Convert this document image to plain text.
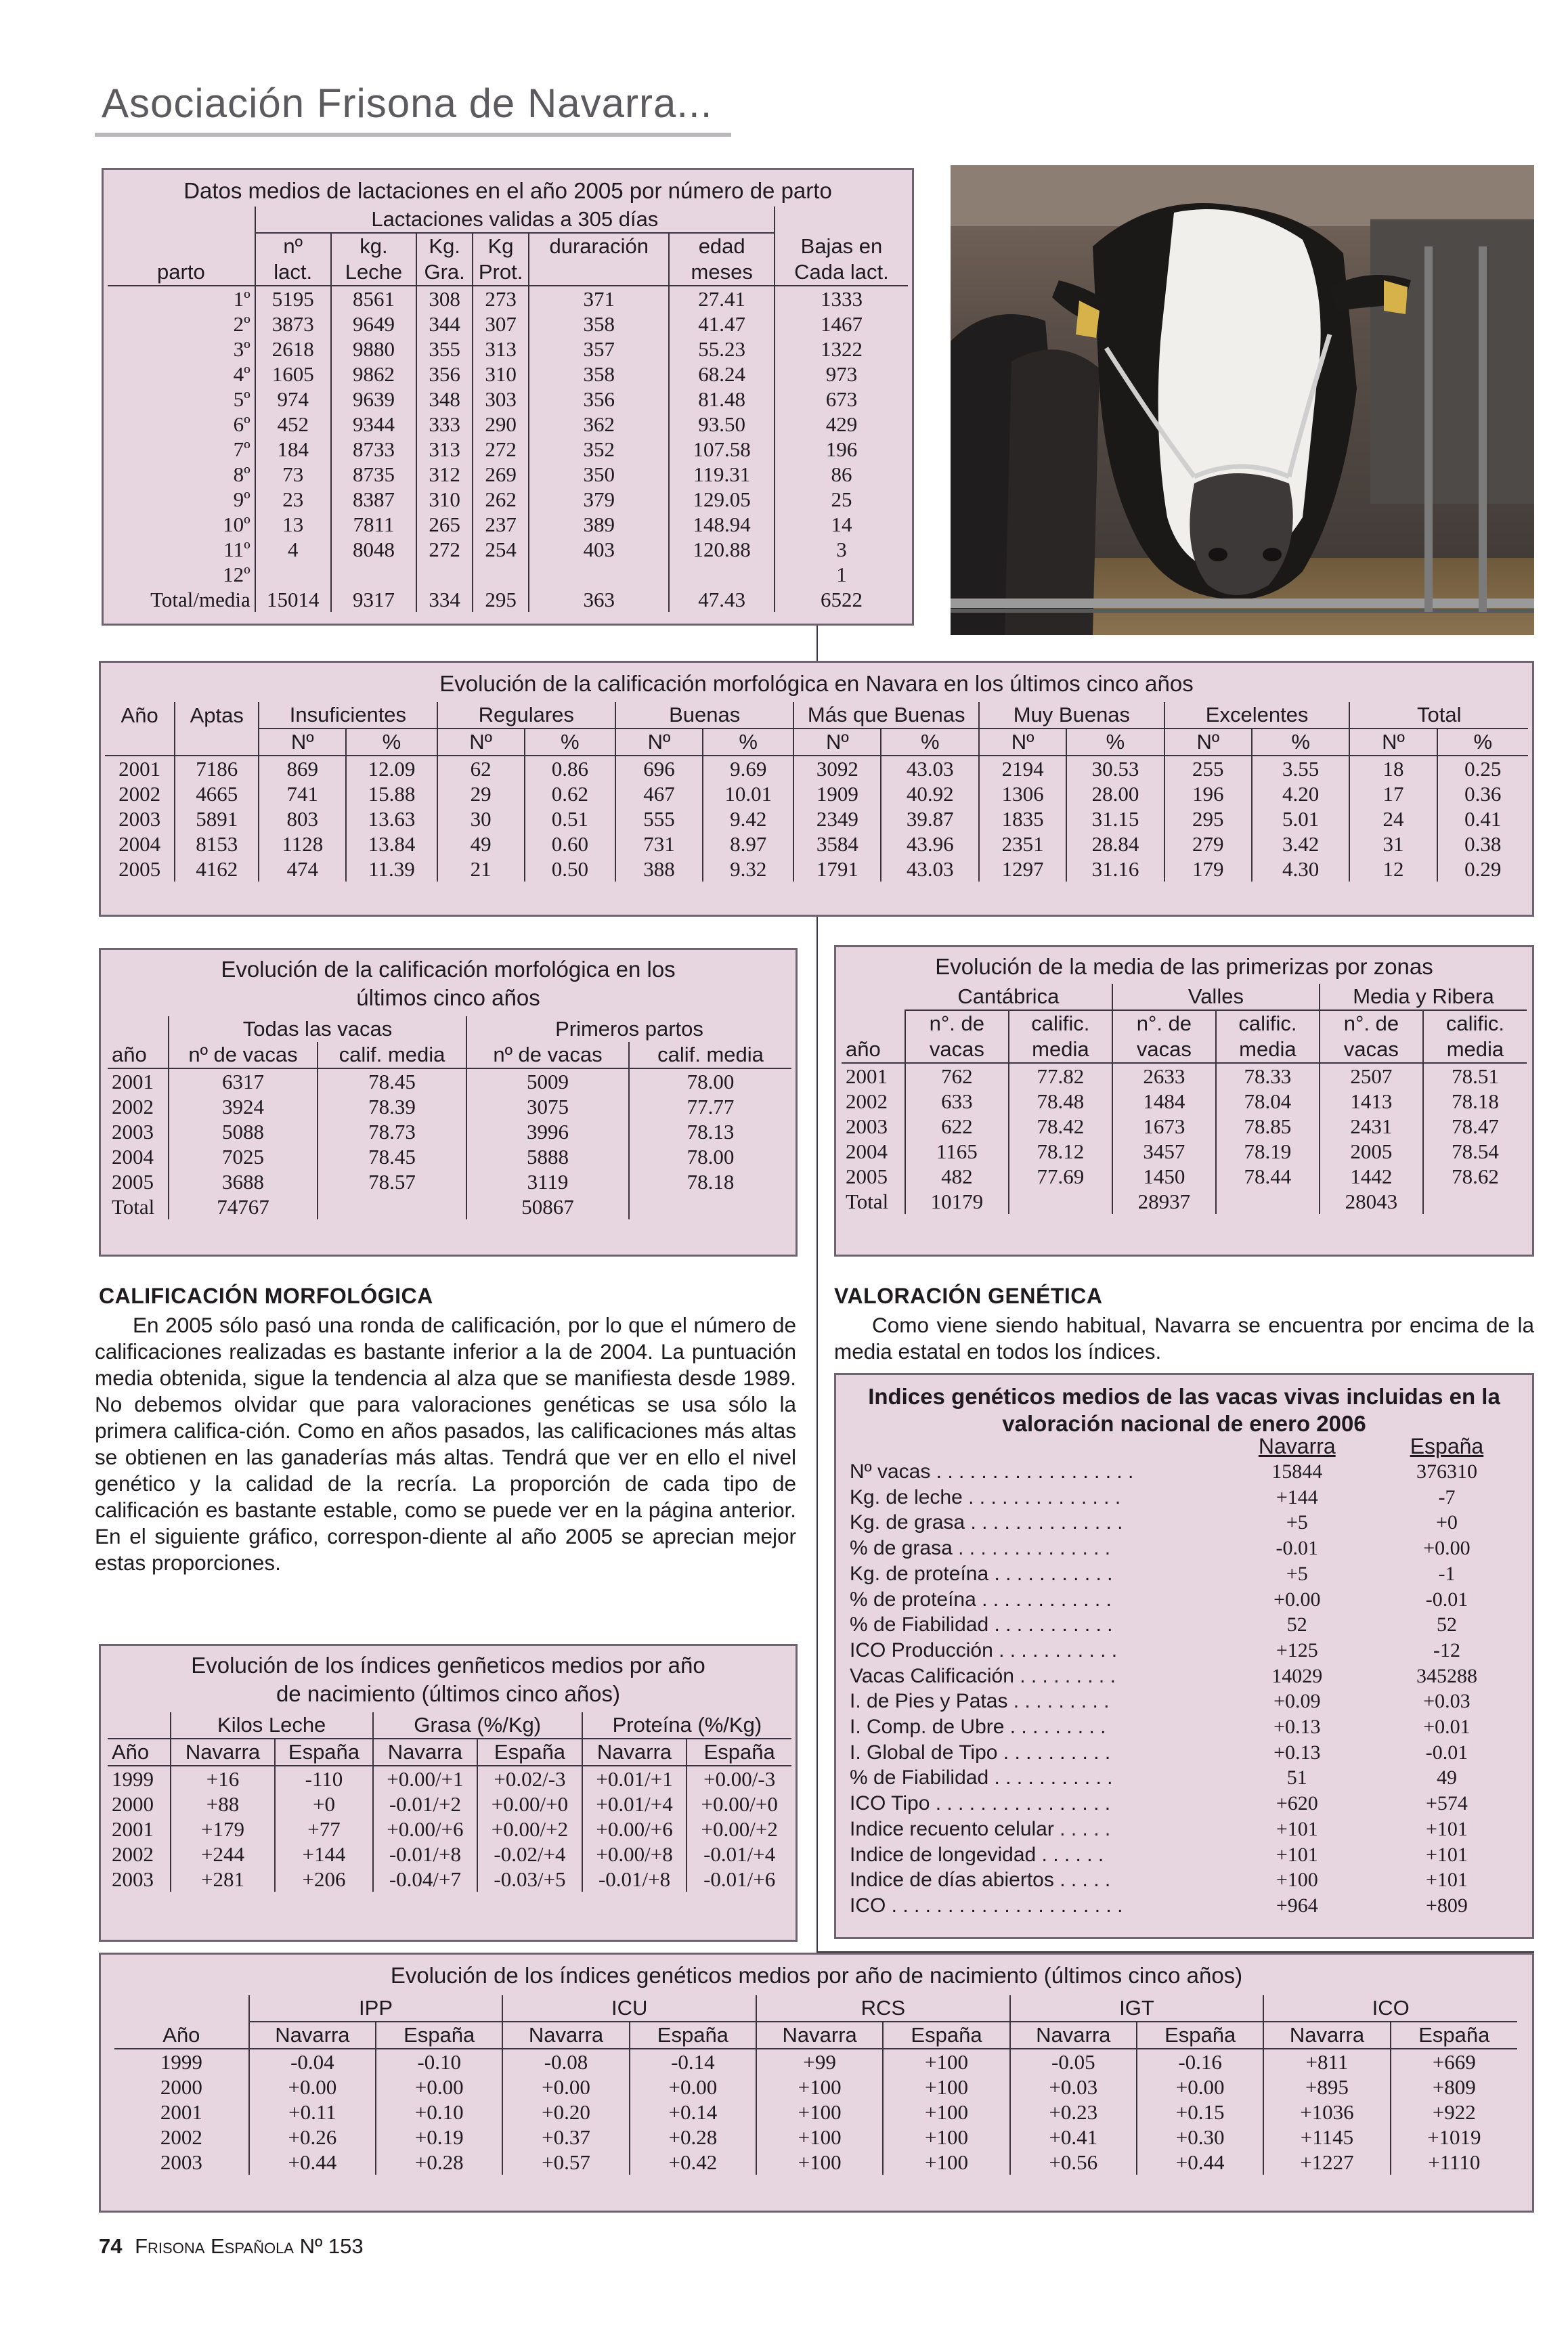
Asociación Frisona de Navarra...
Datos medios de lactaciones en el año 2005 por número de parto
	Lactaciones validas a 305 días						
	nº	kg.	Kg.	Kg	duraración	edad	Bajas en
parto	lact.	Leche	Gra.	Prot.		meses	Cada lact.
1º	5195	8561	308	273	371	27.41	1333
2º	3873	9649	344	307	358	41.47	1467
3º	2618	9880	355	313	357	55.23	1322
4º	1605	9862	356	310	358	68.24	973
5º	974	9639	348	303	356	81.48	673
6º	452	9344	333	290	362	93.50	429
7º	184	8733	313	272	352	107.58	196
8º	73	8735	312	269	350	119.31	86
9º	23	8387	310	262	379	129.05	25
10º	13	7811	265	237	389	148.94	14
11º	4	8048	272	254	403	120.88	3
12º							1
Total/media	15014	9317	334	295	363	47.43	6522
Evolución de la calificación morfológica en Navara en los últimos cinco años
Año	Aptas	Insuficientes		Regulares		Buenas		Más que Buenas		Muy Buenas		Excelentes		Total	
		Nº	%	Nº	%	Nº	%	Nº	%	Nº	%	Nº	%	Nº	%
2001	7186	869	12.09	62	0.86	696	9.69	3092	43.03	2194	30.53	255	3.55	18	0.25
2002	4665	741	15.88	29	0.62	467	10.01	1909	40.92	1306	28.00	196	4.20	17	0.36
2003	5891	803	13.63	30	0.51	555	9.42	2349	39.87	1835	31.15	295	5.01	24	0.41
2004	8153	1128	13.84	49	0.60	731	8.97	3584	43.96	2351	28.84	279	3.42	31	0.38
2005	4162	474	11.39	21	0.50	388	9.32	1791	43.03	1297	31.16	179	4.30	12	0.29
Evolución de la calificación morfológica en los
últimos cinco años
	Todas las vacas		Primeros partos	
año	nº de vacas	calif. media	nº de vacas	calif. media
2001	6317	78.45	5009	78.00
2002	3924	78.39	3075	77.77
2003	5088	78.73	3996	78.13
2004	7025	78.45	5888	78.00
2005	3688	78.57	3119	78.18
Total	74767		50867	
Evolución de la media de las primerizas por zonas
	Cantábrica		Valles		Media y Ribera	
	n°. de	calific.	n°. de	calific.	n°. de	calific.
año	vacas	media	vacas	media	vacas	media
2001	762	77.82	2633	78.33	2507	78.51
2002	633	78.48	1484	78.04	1413	78.18
2003	622	78.42	1673	78.85	2431	78.47
2004	1165	78.12	3457	78.19	2005	78.54
2005	482	77.69	1450	78.44	1442	78.62
Total	10179		28937		28043	
CALIFICACIÓN MORFOLÓGICA

En 2005 sólo pasó una ronda de calificación, por lo que el número de calificaciones realizadas es bastante inferior a la de 2004. La puntuación media obtenida, sigue la tendencia al alza que se manifiesta desde 1989. No debemos olvidar que para valoraciones genéticas se usa sólo la primera califica-ción. Como en años pasados, las calificaciones más altas se obtienen en las ganaderías más altas. Tendrá que ver en ello el nivel genético y la calidad de la recría. La proporción de cada tipo de calificación es bastante estable, como se puede ver en la página anterior. En el siguiente gráfico, correspon-diente al año 2005 se aprecian mejor estas proporciones.

VALORACIÓN GENÉTICA

Como viene siendo habitual, Navarra se encuentra por encima de la media estatal en todos los índices.

Evolución de los índices genñeticos medios por año
de nacimiento (últimos cinco años)
	Kilos Leche		Grasa (%/Kg)		Proteína (%/Kg)	
Año	Navarra	España	Navarra	España	Navarra	España
1999	+16	-110	+0.00/+1	+0.02/-3	+0.01/+1	+0.00/-3
2000	+88	+0	-0.01/+2	+0.00/+0	+0.01/+4	+0.00/+0
2001	+179	+77	+0.00/+6	+0.00/+2	+0.00/+6	+0.00/+2
2002	+244	+144	-0.01/+8	-0.02/+4	+0.00/+8	-0.01/+4
2003	+281	+206	-0.04/+7	-0.03/+5	-0.01/+8	-0.01/+6
Indices genéticos medios de las vacas vivas incluidas en la
valoración nacional de enero 2006
	Navarra	España
Nº vacas . . . . . . . . . . . . . . . . . .	15844	376310
Kg. de leche . . . . . . . . . . . . . .	+144	-7
Kg. de grasa . . . . . . . . . . . . . .	+5	+0
% de grasa . . . . . . . . . . . . . .	-0.01	+0.00
Kg. de proteína . . . . . . . . . . .	+5	-1
% de proteína . . . . . . . . . . . .	+0.00	-0.01
% de Fiabilidad . . . . . . . . . . .	52	52
ICO Producción . . . . . . . . . . .	+125	-12
Vacas Calificación . . . . . . . . .	14029	345288
I. de Pies y Patas . . . . . . . . .	+0.09	+0.03
I. Comp. de Ubre . . . . . . . . .	+0.13	+0.01
I. Global de Tipo . . . . . . . . . .	+0.13	-0.01
% de Fiabilidad . . . . . . . . . . .	51	49
ICO Tipo . . . . . . . . . . . . . . . .	+620	+574
Indice recuento celular . . . . .	+101	+101
Indice de longevidad . . . . . .	+101	+101
Indice de días abiertos . . . . .	+100	+101
ICO . . . . . . . . . . . . . . . . . . . . .	+964	+809
Evolución de los índices genéticos medios por año de nacimiento (últimos cinco años)
	IPP		ICU		RCS		IGT		ICO	
Año	Navarra	España	Navarra	España	Navarra	España	Navarra	España	Navarra	España
1999	-0.04	-0.10	-0.08	-0.14	+99	+100	-0.05	-0.16	+811	+669
2000	+0.00	+0.00	+0.00	+0.00	+100	+100	+0.03	+0.00	+895	+809
2001	+0.11	+0.10	+0.20	+0.14	+100	+100	+0.23	+0.15	+1036	+922
2002	+0.26	+0.19	+0.37	+0.28	+100	+100	+0.41	+0.30	+1145	+1019
2003	+0.44	+0.28	+0.57	+0.42	+100	+100	+0.56	+0.44	+1227	+1110
74 Frisona Española Nº 153
